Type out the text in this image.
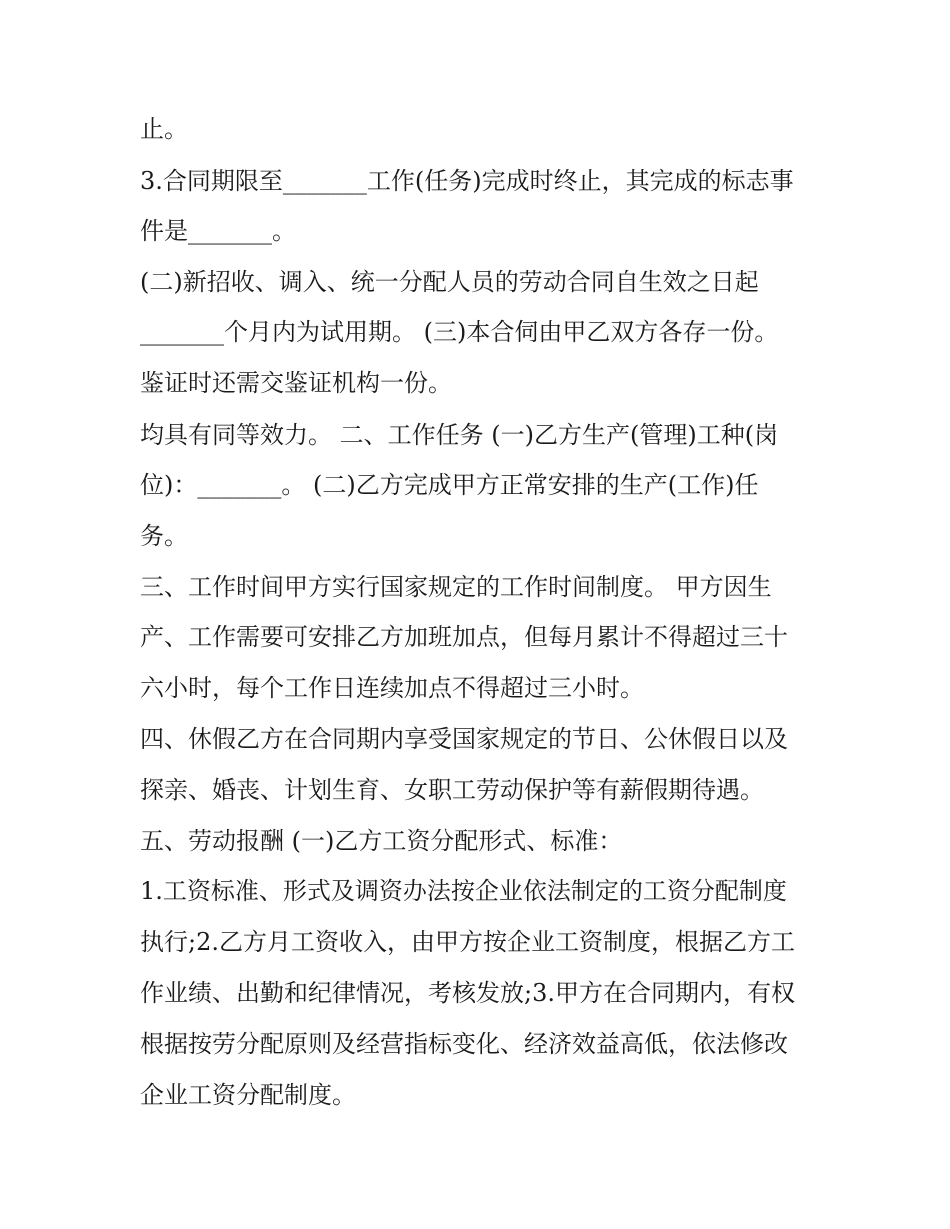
止。
3.合同期限至_______工作(任务)完成时终止，其完成的标志事
件是_______。
(二)新招收、调入、统一分配人员的劳动合同自生效之日起
_______个月内为试用期。 (三)本合伺由甲乙双方各存一份。
鉴证时还需交鉴证机构一份。
均具有同等效力。 二、工作任务 (一)乙方生产(管理)工种(岗
位)：_______。 (二)乙方完成甲方正常安排的生产(工作)任
务。
三、工作时间甲方实行国家规定的工作时间制度。 甲方因生
产、工作需要可安排乙方加班加点，但每月累计不得超过三十
六小时，每个工作日连续加点不得超过三小时。
四、休假乙方在合同期内享受国家规定的节日、公休假日以及
探亲、婚丧、计划生育、女职工劳动保护等有薪假期待遇。
五、劳动报酬 (一)乙方工资分配形式、标准：
1.工资标准、形式及调资办法按企业依法制定的工资分配制度
执行;2.乙方月工资收入，由甲方按企业工资制度，根据乙方工
作业绩、出勤和纪律情况，考核发放;3.甲方在合同期内，有权
根据按劳分配原则及经营指标变化、经济效益高低，依法修改
企业工资分配制度。
